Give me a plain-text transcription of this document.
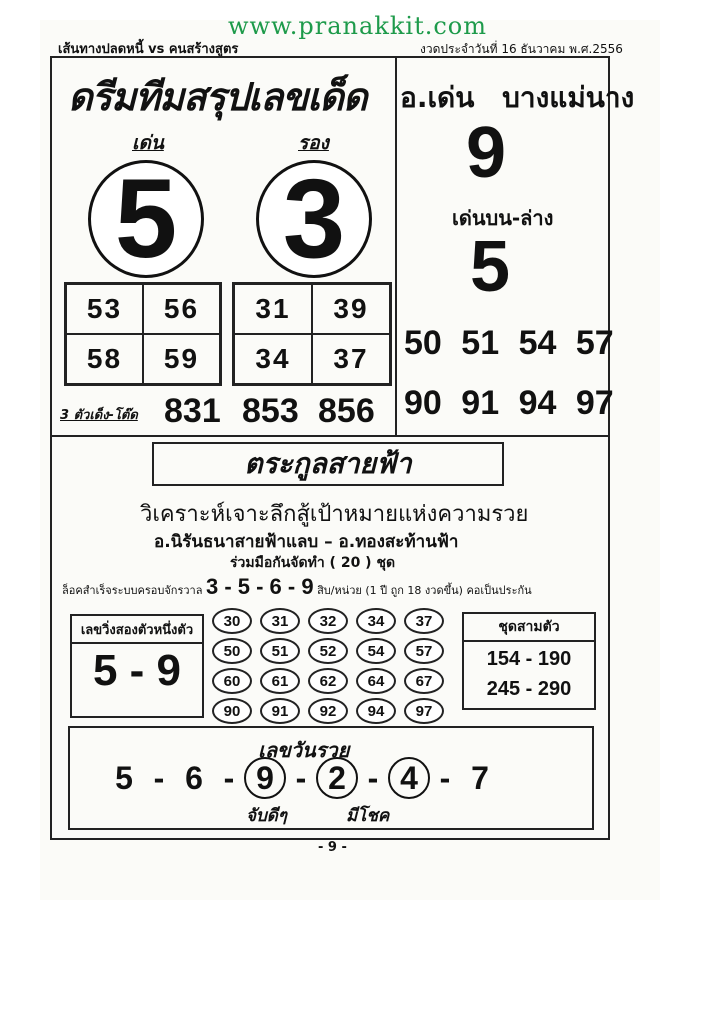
www.pranakkit.com
เส้นทางปลดหนี้ vs คนสร้างสูตร	งวดประจำวันที่ 16 ธันวาคม พ.ศ.2556
ดรีมทีมสรุปเลขเด็ด
เด่น	รอง
5 3
53	56
58	59
31	39
34	37
3 ตัวเด็ง-โต๊ด 831 853 856
อ.เด่น บางแม่นาง
9
เด่นบน-ล่าง
5
50 51 54 57
90 91 94 97
ตระกูลสายฟ้า
วิเคราะห์เจาะลึกสู้เป้าหมายแห่งความรวย
อ.นิรันธนาสายฟ้าแลบ – อ.ทองสะท้านฟ้า
ร่วมมือกันจัดทำ ( 20 ) ชุด
ล็อคสำเร็จระบบครอบจักรวาล 3 - 5 - 6 - 9 สิบ/หน่วย (1 ปี ถูก 18 งวดขึ้น) คอเป็นประกัน
เลขวิ่งสองตัวหนึ่งตัว
5 - 9
30	31	32	34	37
50	51	52	54	57
60	61	62	64	67
90	91	92	94	97
ชุดสามตัว
154 - 190
245 - 290
เลขวันรวย
5 - 6 - 9 - 2 - 4 - 7
จับดีๆ	มีโชค
- 9 -
